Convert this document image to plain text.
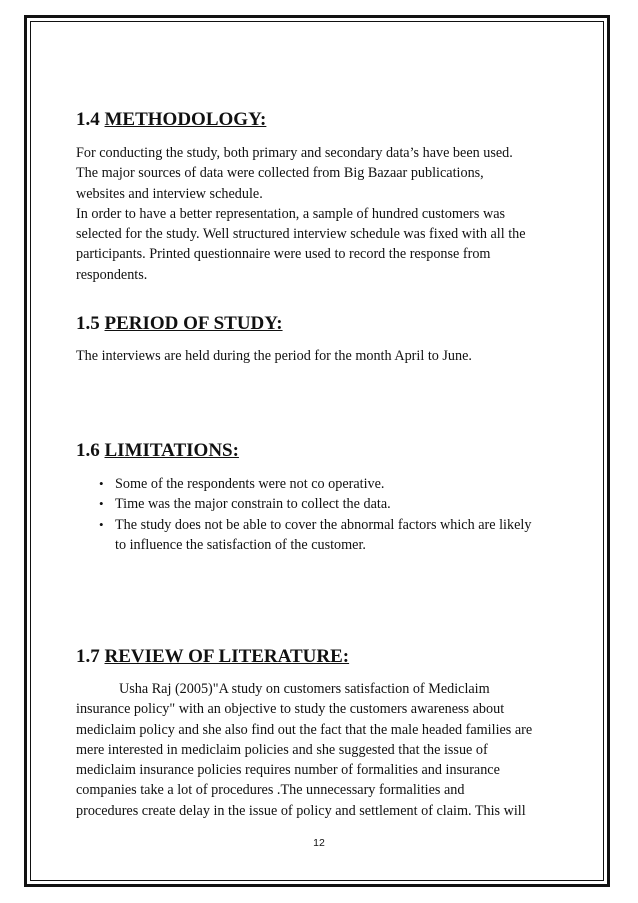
1.4 METHODOLOGY:

For conducting the study, both primary and secondary data’s have been used.
The major sources of data were collected from Big Bazaar publications,
websites and interview schedule.
In order to have a better representation, a sample of hundred customers was
selected for the study. Well structured interview schedule was fixed with all the
participants. Printed questionnaire were used to record the response from
respondents.

1.5 PERIOD OF STUDY:

The interviews are held during the period for the month April to June.

1.6 LIMITATIONS:
• Some of the respondents were not co operative.
• Time was the major constrain to collect the data.
• The study does not be able to cover the abnormal factors which are likely
to influence the satisfaction of the customer.
1.7 REVIEW OF LITERATURE:

Usha Raj (2005)"A study on customers satisfaction of Mediclaim
insurance policy" with an objective to study the customers awareness about
mediclaim policy and she also find out the fact that the male headed families are
mere interested in mediclaim policies and she suggested that the issue of
mediclaim insurance policies requires number of formalities and insurance
companies take a lot of procedures .The unnecessary formalities and
procedures create delay in the issue of policy and settlement of claim. This will

12
